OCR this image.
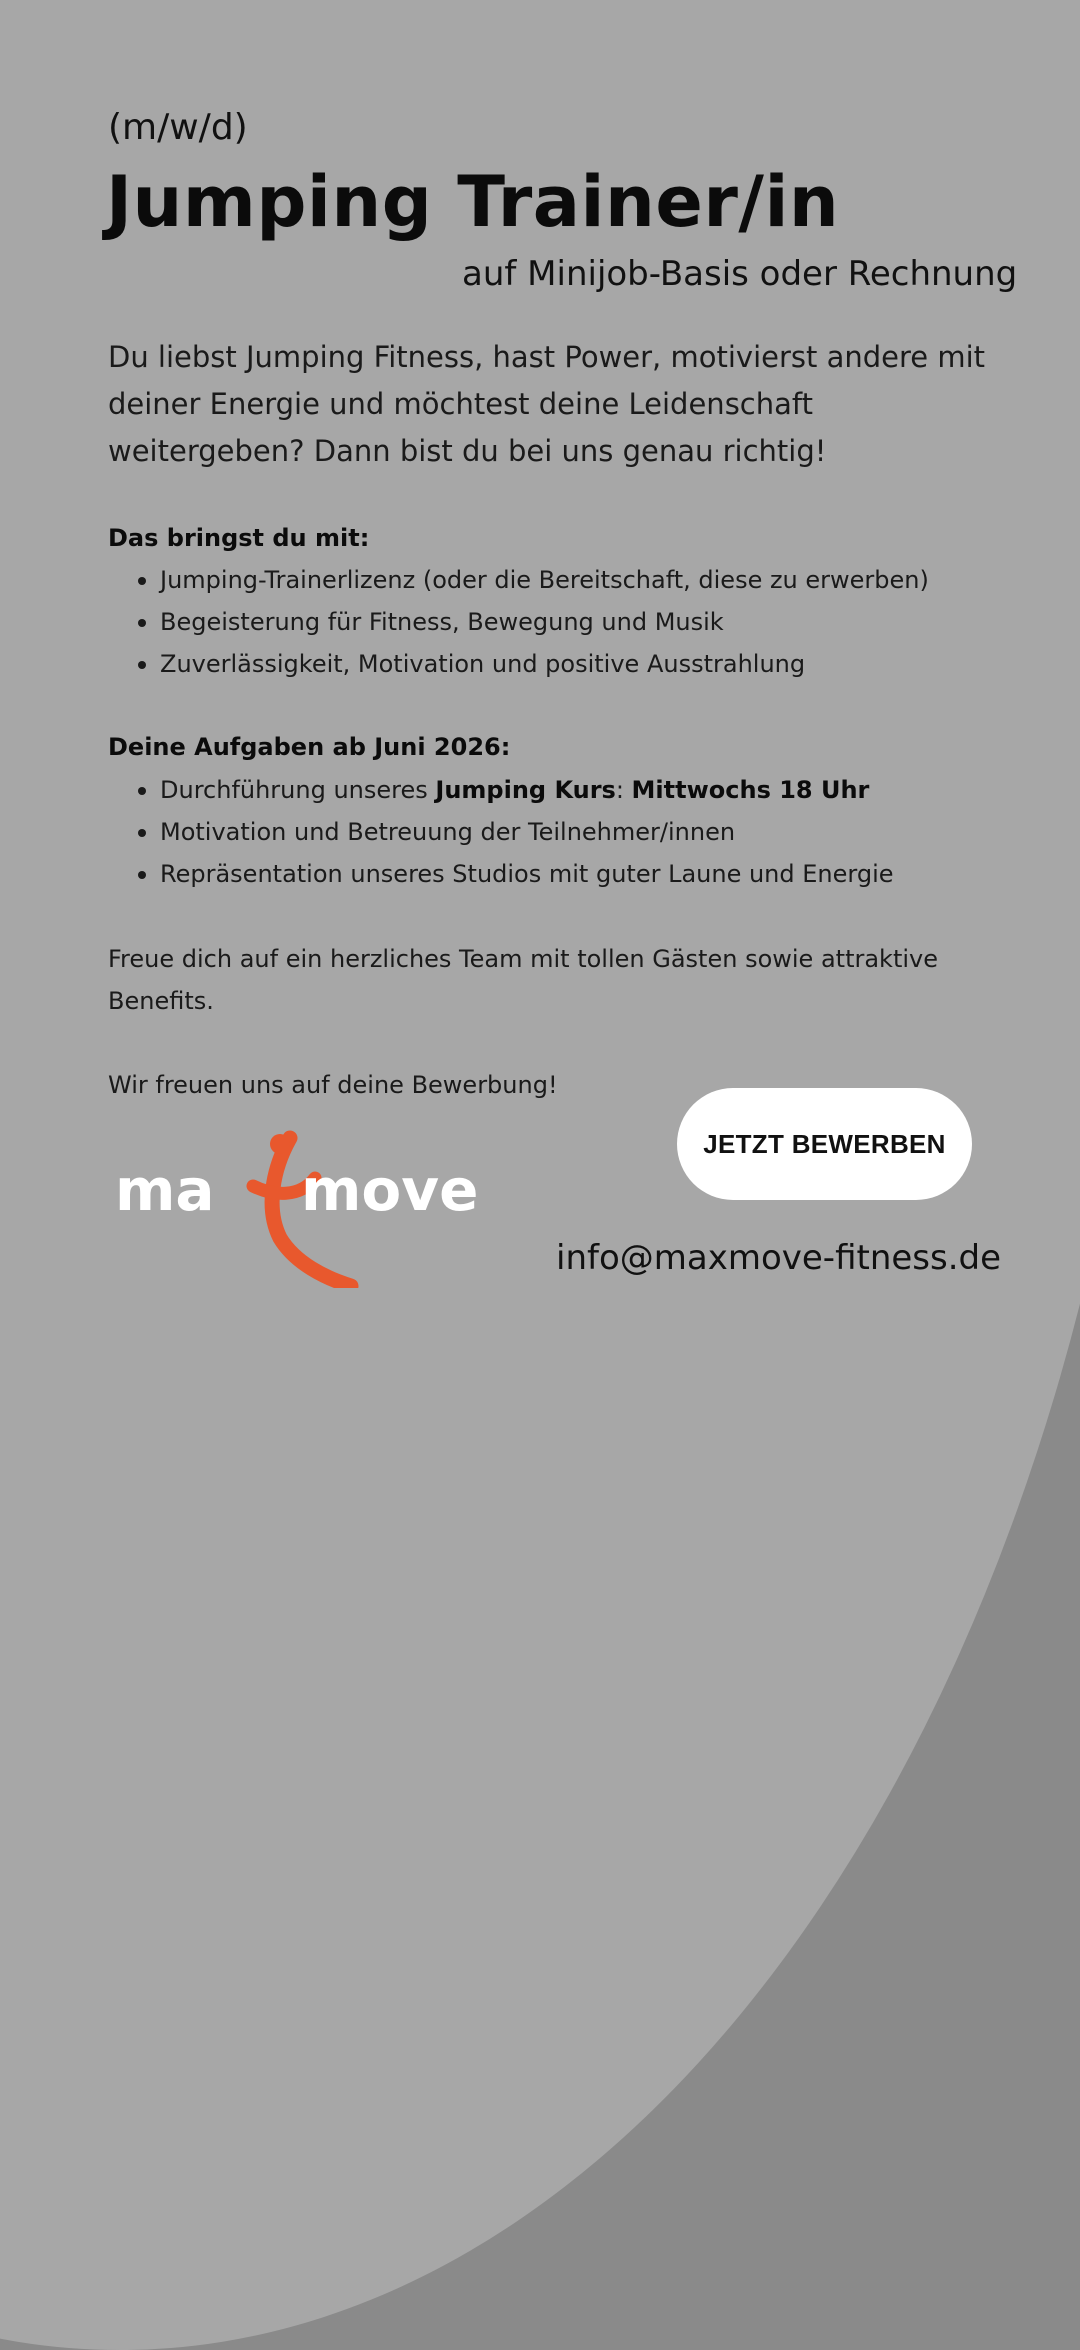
(m/w/d)
Jumping Trainer/in
auf Minijob-Basis oder Rechnung

Du liebst Jumping Fitness, hast Power, motivierst andere mit deiner Energie und möchtest deine Leidenschaft weitergeben? Dann bist du bei uns genau richtig!

Das bringst du mit:
Jumping-Trainerlizenz (oder die Bereitschaft, diese zu erwerben)
Begeisterung für Fitness, Bewegung und Musik
Zuverlässigkeit, Motivation und positive Ausstrahlung
Deine Aufgaben ab Juni 2026:
Durchführung unseres Jumping Kurs: Mittwochs 18 Uhr
Motivation und Betreuung der Teilnehmer/innen
Repräsentation unseres Studios mit guter Laune und Energie

Freue dich auf ein herzliches Team mit tollen Gästen sowie attraktive Benefits.

Wir freuen uns auf deine Bewerbung!
JETZT BEWERBEN
ma move
info@maxmove-fitness.de
